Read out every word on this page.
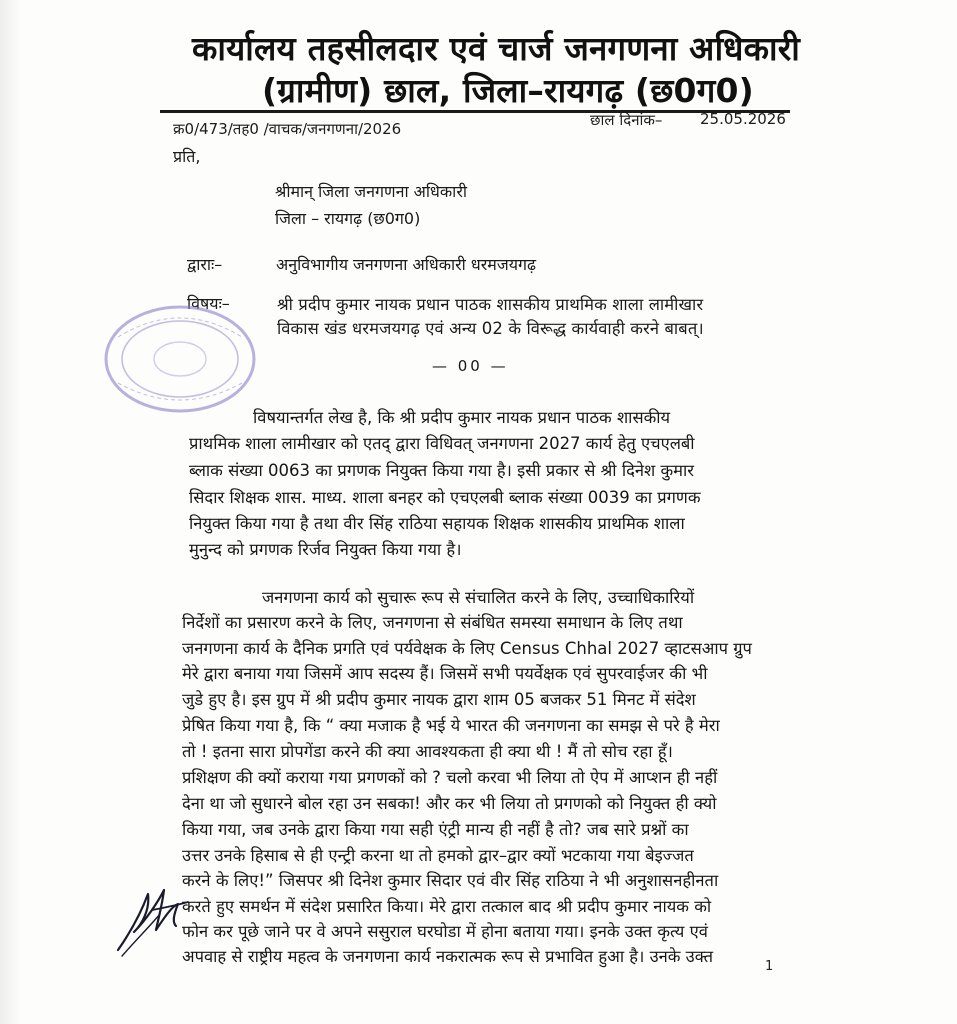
कार्यालय तहसीलदार एवं चार्ज जनगणना अधिकारी
(ग्रामीण) छाल, जिला–रायगढ़ (छ0ग0)
क्र0/473/तह0 /वाचक/जनगणना/2026	छाल दिनांक–	25.05.2026
प्रति,
श्रीमान् जिला जनगणना अधिकारी
जिला – रायगढ़ (छ0ग0)
द्वाराः–	अनुविभागीय जनगणना अधिकारी धरमजयगढ़
विषयः–	श्री प्रदीप कुमार नायक प्रधान पाठक शासकीय प्राथमिक शाला लामीखार
विकास खंड धरमजयगढ़ एवं अन्य 02 के विरूद्ध कार्यवाही करने बाबत्।
— 00 —
विषयान्तर्गत लेख है, कि श्री प्रदीप कुमार नायक प्रधान पाठक शासकीय
प्राथमिक शाला लामीखार को एतद् द्वारा विधिवत् जनगणना 2027 कार्य हेतु एचएलबी
ब्लाक संख्या 0063 का प्रगणक नियुक्त किया गया है। इसी प्रकार से श्री दिनेश कुमार
सिदार शिक्षक शास. माध्य. शाला बनहर को एचएलबी ब्लाक संख्या 0039 का प्रगणक
नियुक्त किया गया है तथा वीर सिंह राठिया सहायक शिक्षक शासकीय प्राथमिक शाला
मुनुन्द को प्रगणक रिर्जव नियुक्त किया गया है।
जनगणना कार्य को सुचारू रूप से संचालित करने के लिए, उच्चाधिकारियों
निर्देशों का प्रसारण करने के लिए, जनगणना से संबंधित समस्या समाधान के लिए तथा
जनगणना कार्य के दैनिक प्रगति एवं पर्यवेक्षक के लिए Census Chhal 2027 व्हाटसआप ग्रुप
मेरे द्वारा बनाया गया जिसमें आप सदस्य हैं। जिसमें सभी पयर्वेक्षक एवं सुपरवाईजर की भी
जुडे हुए है। इस ग्रुप में श्री प्रदीप कुमार नायक द्वारा शाम 05 बजकर 51 मिनट में संदेश
प्रेषित किया गया है, कि “ क्या मजाक है भई ये भारत की जनगणना का समझ से परे है मेरा
तो ! इतना सारा प्रोपगेंडा करने की क्या आवश्यकता ही क्या थी ! मैं तो सोच रहा हूँ।
प्रशिक्षण की क्यों कराया गया प्रगणकों को ? चलो करवा भी लिया तो ऐप में आप्शन ही नहीं
देना था जो सुधारने बोल रहा उन सबका! और कर भी लिया तो प्रगणको को नियुक्त ही क्यो
किया गया, जब उनके द्वारा किया गया सही एंट्री मान्य ही नहीं है तो? जब सारे प्रश्नों का
उत्तर उनके हिसाब से ही एन्ट्री करना था तो हमको द्वार–द्वार क्यों भटकाया गया बेइज्जत
करने के लिए!” जिसपर श्री दिनेश कुमार सिदार एवं वीर सिंह राठिया ने भी अनुशासनहीनता
करते हुए समर्थन में संदेश प्रसारित किया। मेरे द्वारा तत्काल बाद श्री प्रदीप कुमार नायक को
फोन कर पूछे जाने पर वे अपने ससुराल घरघोडा में होना बताया गया। इनके उक्त कृत्य एवं
अपवाह से राष्ट्रीय महत्व के जनगणना कार्य नकरात्मक रूप से प्रभावित हुआ है। उनके उक्त
1
